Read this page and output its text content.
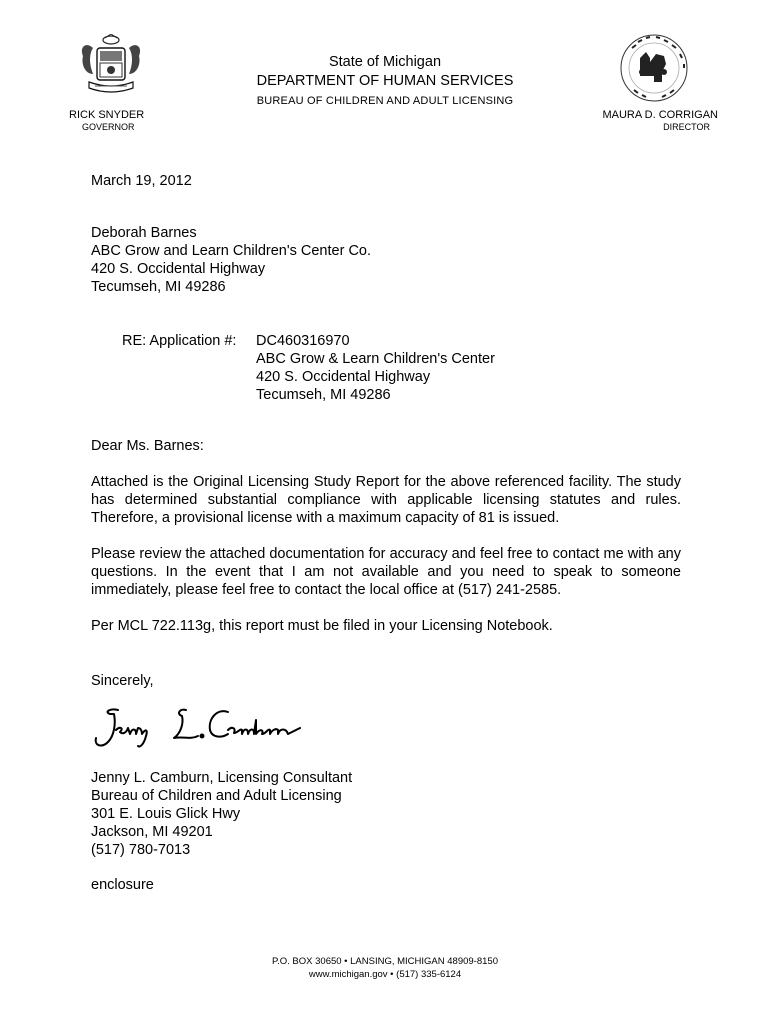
State of Michigan
DEPARTMENT OF HUMAN SERVICES
BUREAU OF CHILDREN AND ADULT LICENSING
RICK SNYDER
GOVERNOR
MAURA D. CORRIGAN
DIRECTOR
March 19, 2012
Deborah Barnes
ABC Grow and Learn Children's Center Co.
420 S. Occidental Highway
Tecumseh, MI 49286
RE: Application #: DC460316970
ABC Grow & Learn Children's Center
420 S. Occidental Highway
Tecumseh, MI 49286
Dear Ms. Barnes:
Attached is the Original Licensing Study Report for the above referenced facility. The study has determined substantial compliance with applicable licensing statutes and rules. Therefore, a provisional license with a maximum capacity of 81 is issued.
Please review the attached documentation for accuracy and feel free to contact me with any questions. In the event that I am not available and you need to speak to someone immediately, please feel free to contact the local office at (517) 241-2585.
Per MCL 722.113g, this report must be filed in your Licensing Notebook.
Sincerely,
Jenny L. Camburn, Licensing Consultant
Bureau of Children and Adult Licensing
301 E. Louis Glick Hwy
Jackson, MI 49201
(517) 780-7013
enclosure
P.O. BOX 30650 • LANSING, MICHIGAN 48909-8150
www.michigan.gov • (517) 335-6124
